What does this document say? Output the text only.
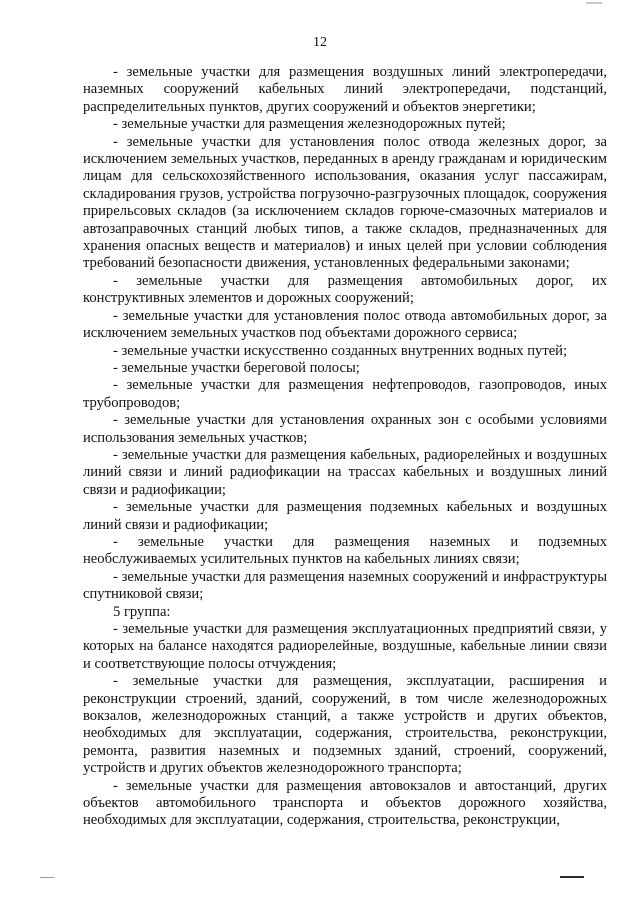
12

- земельные участки для размещения воздушных линий электропередачи, наземных сооружений кабельных линий электропередачи, подстанций, распределительных пунктов, других сооружений и объектов энергетики;

- земельные участки для размещения железнодорожных путей;

- земельные участки для установления полос отвода железных дорог, за исключением земельных участков, переданных в аренду гражданам и юридическим лицам для сельскохозяйственного использования, оказания услуг пассажирам, складирования грузов, устройства погрузочно-разгрузочных площадок, сооружения прирельсовых складов (за исключением складов горюче-смазочных материалов и автозаправочных станций любых типов, а также складов, предназначенных для хранения опасных веществ и материалов) и иных целей при условии соблюдения требований безопасности движения, установленных федеральными законами;

- земельные участки для размещения автомобильных дорог, их конструктивных элементов и дорожных сооружений;

- земельные участки для установления полос отвода автомобильных дорог, за исключением земельных участков под объектами дорожного сервиса;

- земельные участки искусственно созданных внутренних водных путей;

- земельные участки береговой полосы;

- земельные участки для размещения нефтепроводов, газопроводов, иных трубопроводов;

- земельные участки для установления охранных зон с особыми условиями использования земельных участков;

- земельные участки для размещения кабельных, радиорелейных и воздушных линий связи и линий радиофикации на трассах кабельных и воздушных линий связи и радиофикации;

- земельные участки для размещения подземных кабельных и воздушных линий связи и радиофикации;

- земельные участки для размещения наземных и подземных необслуживаемых усилительных пунктов на кабельных линиях связи;

- земельные участки для размещения наземных сооружений и инфраструктуры спутниковой связи;

5 группа:

- земельные участки для размещения эксплуатационных предприятий связи, у которых на балансе находятся радиорелейные, воздушные, кабельные линии связи и соответствующие полосы отчуждения;

- земельные участки для размещения, эксплуатации, расширения и реконструкции строений, зданий, сооружений, в том числе железнодорожных вокзалов, железнодорожных станций, а также устройств и других объектов, необходимых для эксплуатации, содержания, строительства, реконструкции, ремонта, развития наземных и подземных зданий, строений, сооружений, устройств и других объектов железнодорожного транспорта;

- земельные участки для размещения автовокзалов и автостанций, других объектов автомобильного транспорта и объектов дорожного хозяйства, необходимых для эксплуатации, содержания, строительства, реконструкции,
